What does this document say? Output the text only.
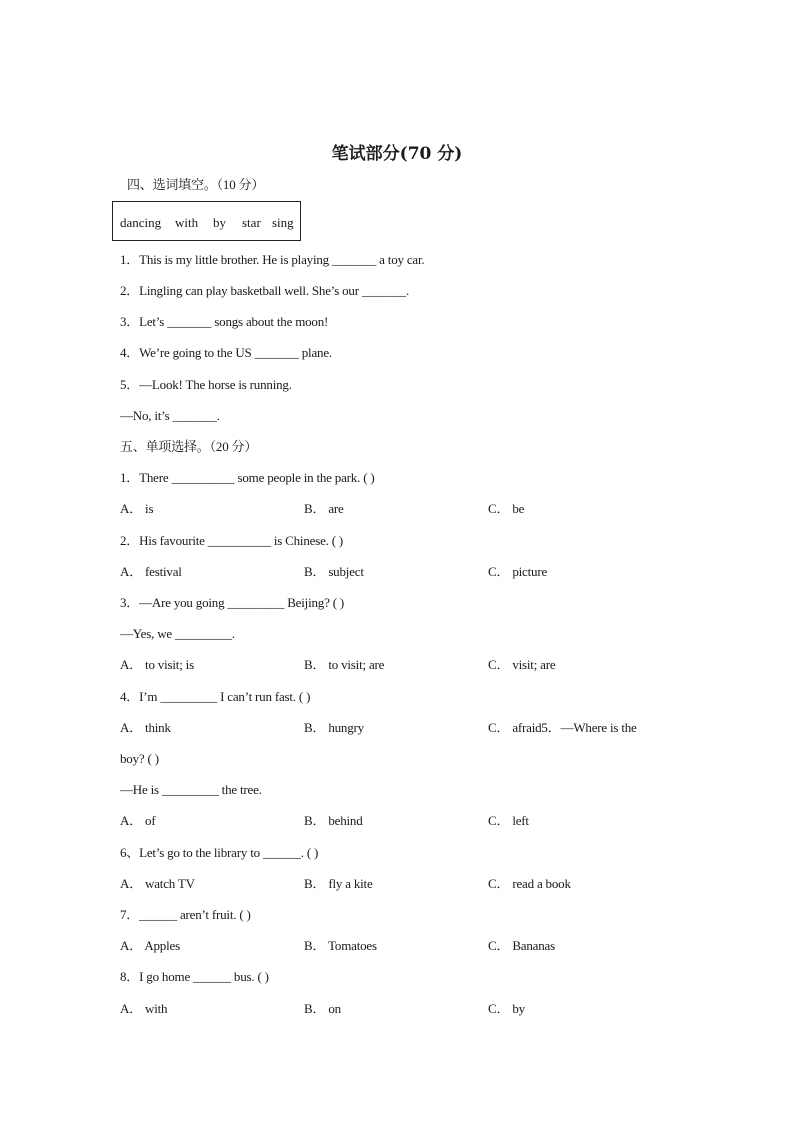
笔试部分(70 分)
四、选词填空。（10 分）
dancing with by star sing
1．This is my little brother. He is playing _______ a toy car.
2．Lingling can play basketball well. She’s our _______.
3．Let’s _______ songs about the moon!
4．We’re going to the US _______ plane.
5．—Look! The horse is running.
—No, it’s _______.
五、单项选择。（20 分）
1．There __________ some people in the park. ( )
A． is	B． are	C． be
2．His favourite __________ is Chinese. ( )
A． festival	B． subject	C． picture
3．—Are you going _________ Beijing? ( )
—Yes, we _________.
A． to visit; is	B． to visit; are	C． visit; are
4．I’m _________ I can’t run fast. ( )
A． think	B． hungry	C． afraid5．—Where is the
boy? ( )
—He is _________ the tree.
A． of	B． behind	C． left
6、Let’s go to the library to ______. ( )
A． watch TV	B． fly a kite	C． read a book
7．______ aren’t fruit. ( )
A． Apples	B． Tomatoes	C． Bananas
8．I go home ______ bus. ( )
A． with	B． on	C． by
